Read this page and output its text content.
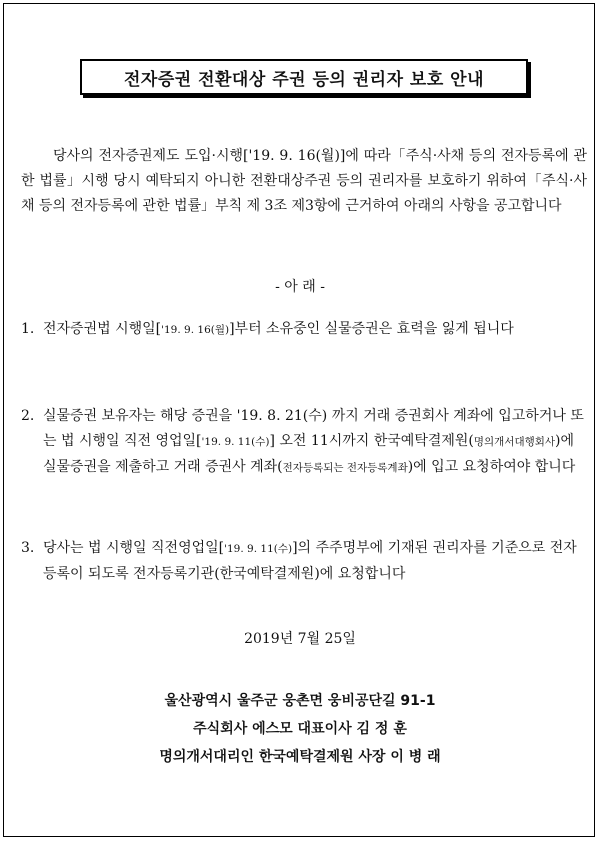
전자증권 전환대상 주권 등의 권리자 보호 안내
당사의 전자증권제도 도입·시행['19. 9. 16(월)]에 따라「주식·사채 등의 전자등록에 관한 법률」시행 당시 예탁되지 아니한 전환대상주권 등의 권리자를 보호하기 위하여「주식·사채 등의 전자등록에 관한 법률」부칙 제 3조 제3항에 근거하여 아래의 사항을 공고합니다
- 아 래 -
1. 전자증권법 시행일['19. 9. 16(월)]부터 소유중인 실물증권은 효력을 잃게 됩니다
2. 실물증권 보유자는 해당 증권을 '19. 8. 21(수) 까지 거래 증권회사 계좌에 입고하거나 또는 법 시행일 직전 영업일['19. 9. 11(수)] 오전 11시까지 한국예탁결제원(명의개서대행회사)에 실물증권을 제출하고 거래 증권사 계좌(전자등록되는 전자등록계좌)에 입고 요청하여야 합니다
3. 당사는 법 시행일 직전영업일['19. 9. 11(수)]의 주주명부에 기재된 권리자를 기준으로 전자등록이 되도록 전자등록기관(한국예탁결제원)에 요청합니다
2019년 7월 25일
울산광역시 울주군 웅촌면 웅비공단길 91-1
주식회사 에스모 대표이사 김 정 훈
명의개서대리인 한국예탁결제원 사장 이 병 래
